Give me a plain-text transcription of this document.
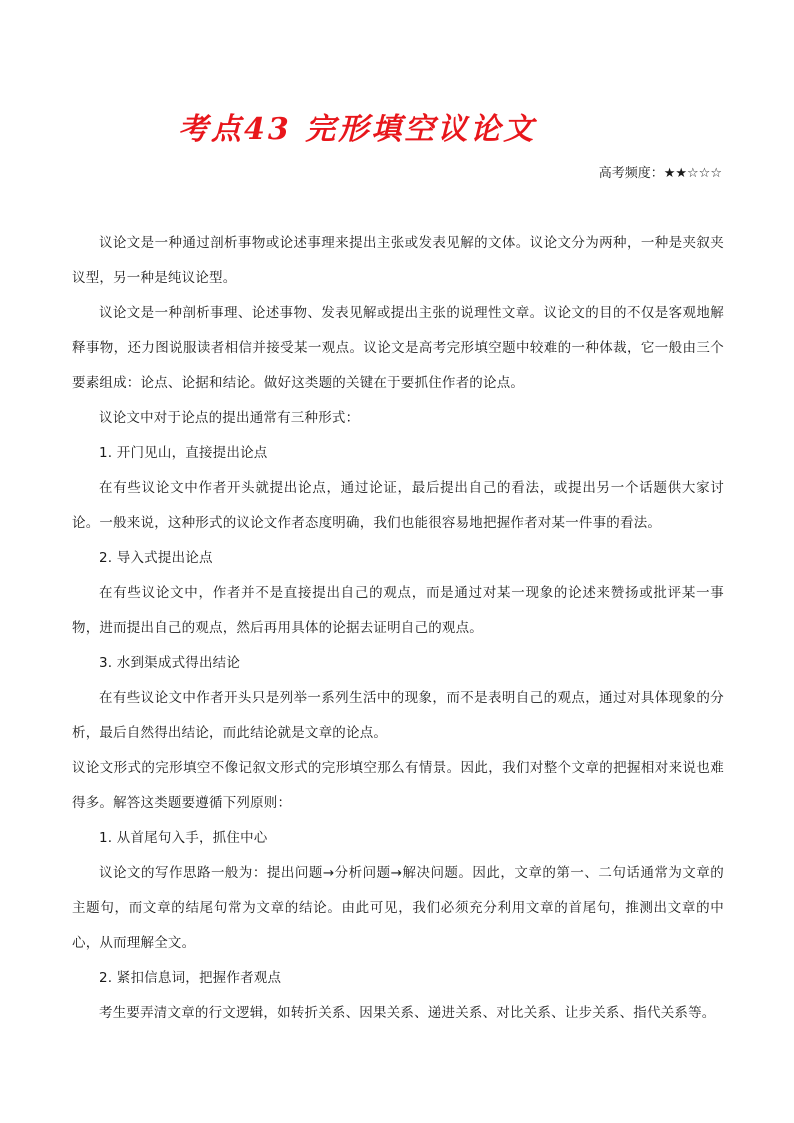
考点43 完形填空议论文
高考频度：★★☆☆☆

议论文是一种通过剖析事物或论述事理来提出主张或发表见解的文体。议论文分为两种，一种是夹叙夹议型，另一种是纯议论型。

议论文是一种剖析事理、论述事物、发表见解或提出主张的说理性文章。议论文的目的不仅是客观地解释事物，还力图说服读者相信并接受某一观点。议论文是高考完形填空题中较难的一种体裁，它一般由三个要素组成：论点、论据和结论。做好这类题的关键在于要抓住作者的论点。

议论文中对于论点的提出通常有三种形式：

1. 开门见山，直接提出论点

在有些议论文中作者开头就提出论点，通过论证，最后提出自己的看法，或提出另一个话题供大家讨论。一般来说，这种形式的议论文作者态度明确，我们也能很容易地把握作者对某一件事的看法。

2. 导入式提出论点

在有些议论文中，作者并不是直接提出自己的观点，而是通过对某一现象的论述来赞扬或批评某一事物，进而提出自己的观点，然后再用具体的论据去证明自己的观点。

3. 水到渠成式得出结论

在有些议论文中作者开头只是列举一系列生活中的现象，而不是表明自己的观点，通过对具体现象的分析，最后自然得出结论，而此结论就是文章的论点。

议论文形式的完形填空不像记叙文形式的完形填空那么有情景。因此，我们对整个文章的把握相对来说也难得多。解答这类题要遵循下列原则：

1. 从首尾句入手，抓住中心

议论文的写作思路一般为：提出问题→分析问题→解决问题。因此，文章的第一、二句话通常为文章的主题句，而文章的结尾句常为文章的结论。由此可见，我们必须充分利用文章的首尾句，推测出文章的中心，从而理解全文。

2. 紧扣信息词，把握作者观点

考生要弄清文章的行文逻辑，如转折关系、因果关系、递进关系、对比关系、让步关系、指代关系等。
